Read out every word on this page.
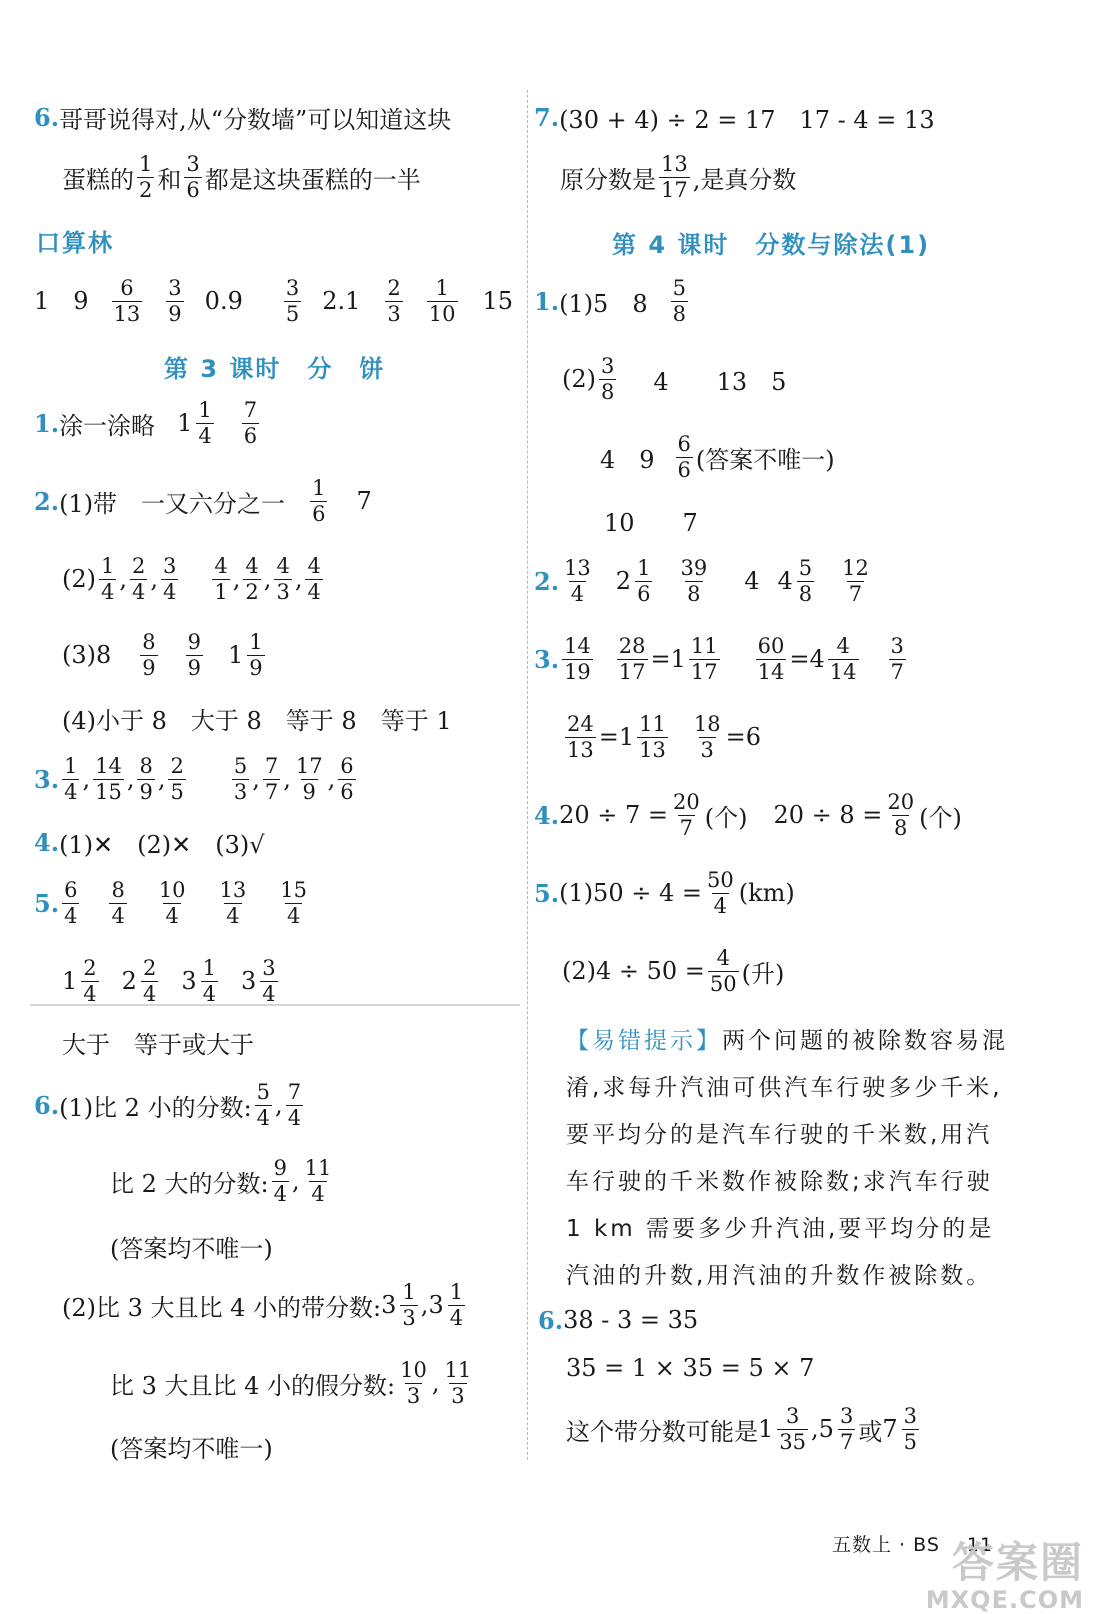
6. 哥哥说得对,从“分数墙”可以知道这块
蛋糕的 $\frac{1}{2}$ 和 $\frac{3}{6}$ 都是这块蛋糕的一半
口算林
1 $9 \frac{6}{13} \frac{3}{9} 0.9 \frac{3}{5} 2.1 \frac{2}{3} \frac{1}{10} 15$
第 3 课时　分　饼
1. 涂一涂略 $1 \frac{1}{4} \frac{7}{6}$
2. (1)带　一又六分之一 $\frac{1}{6} 7$
$(2) \frac{1}{4}$ , $\frac{2}{4}$ , $\frac{3}{4} \frac{4}{1}$ , $\frac{4}{2}$ , $\frac{4}{3}$ , $\frac{4}{4}$
$(3)8 \frac{8}{9} \frac{9}{9} 1 \frac{1}{9}$
(4)小于 8　大于 8　等于 8　等于 1
3. $\frac{1}{4}$ , $\frac{14}{15}$ , $\frac{8}{9}$ , $\frac{2}{5} \frac{5}{3}$ , $\frac{7}{7}$ , $\frac{17}{9}$ , $\frac{6}{6}$
4. (1)✕　(2)✕　(3)√
5. $\frac{6}{4} \frac{8}{4} \frac{10}{4} \frac{13}{4} \frac{15}{4}$
$1 \frac{2}{4} 2 \frac{2}{4} 3 \frac{1}{4} 3 \frac{3}{4}$
大于　等于或大于
6. (1)比 2 小的分数: $\frac{5}{4}$ , $\frac{7}{4}$
比 2 大的分数: $\frac{9}{4}$ , $\frac{11}{4}$
(答案均不唯一)
(2)比 3 大且比 4 小的带分数: $3 \frac{1}{3}$ , $3 \frac{1}{4}$
比 3 大且比 4 小的假分数: $\frac{10}{3}$ , $\frac{11}{3}$
(答案均不唯一)
7. (30 + 4) ÷ 2 = 17　17 - 4 = 13
原分数是 $\frac{13}{17}$ ,是真分数
第 4 课时　分数与除法(1)
1. (1)5　$8 \frac{5}{8}$
$(2) \frac{3}{8} 4$　　13　5
4　$9 \frac{6}{6}$ (答案不唯一)
10　　7
2. $\frac{13}{4} 2 \frac{1}{6} \frac{39}{8} 4$ $4 \frac{5}{8} \frac{12}{7}$
3. $\frac{14}{19} \frac{28}{17} =1 \frac{11}{17} \frac{60}{14} =4 \frac{4}{14} \frac{3}{7}$
$\frac{24}{13} =1 \frac{11}{13} \frac{18}{3} =6$
4. $20 \div 7 = \frac{20}{7}$ (个) $20 \div 8 = \frac{20}{8}$ (个)
5. $(1)50 \div 4 = \frac{50}{4} (km)$
$(2)4 \div 50 = \frac{4}{50}$ (升)
【易错提示】两个问题的被除数容易混淆,求每升汽油可供汽车行驶多少千米,要平均分的是汽车行驶的千米数,用汽车行驶的千米数作被除数;求汽车行驶 1 km 需要多少升汽油,要平均分的是汽油的升数,用汽油的升数作被除数。
6. 38 - 3 = 35
35 = 1 × 35 = 5 × 7
这个带分数可能是 $1 \frac{3}{35}$ , $5 \frac{3}{7}$ 或 $7 \frac{3}{5}$
五数上 · BS　 11
答案圈
MXQE.COM
